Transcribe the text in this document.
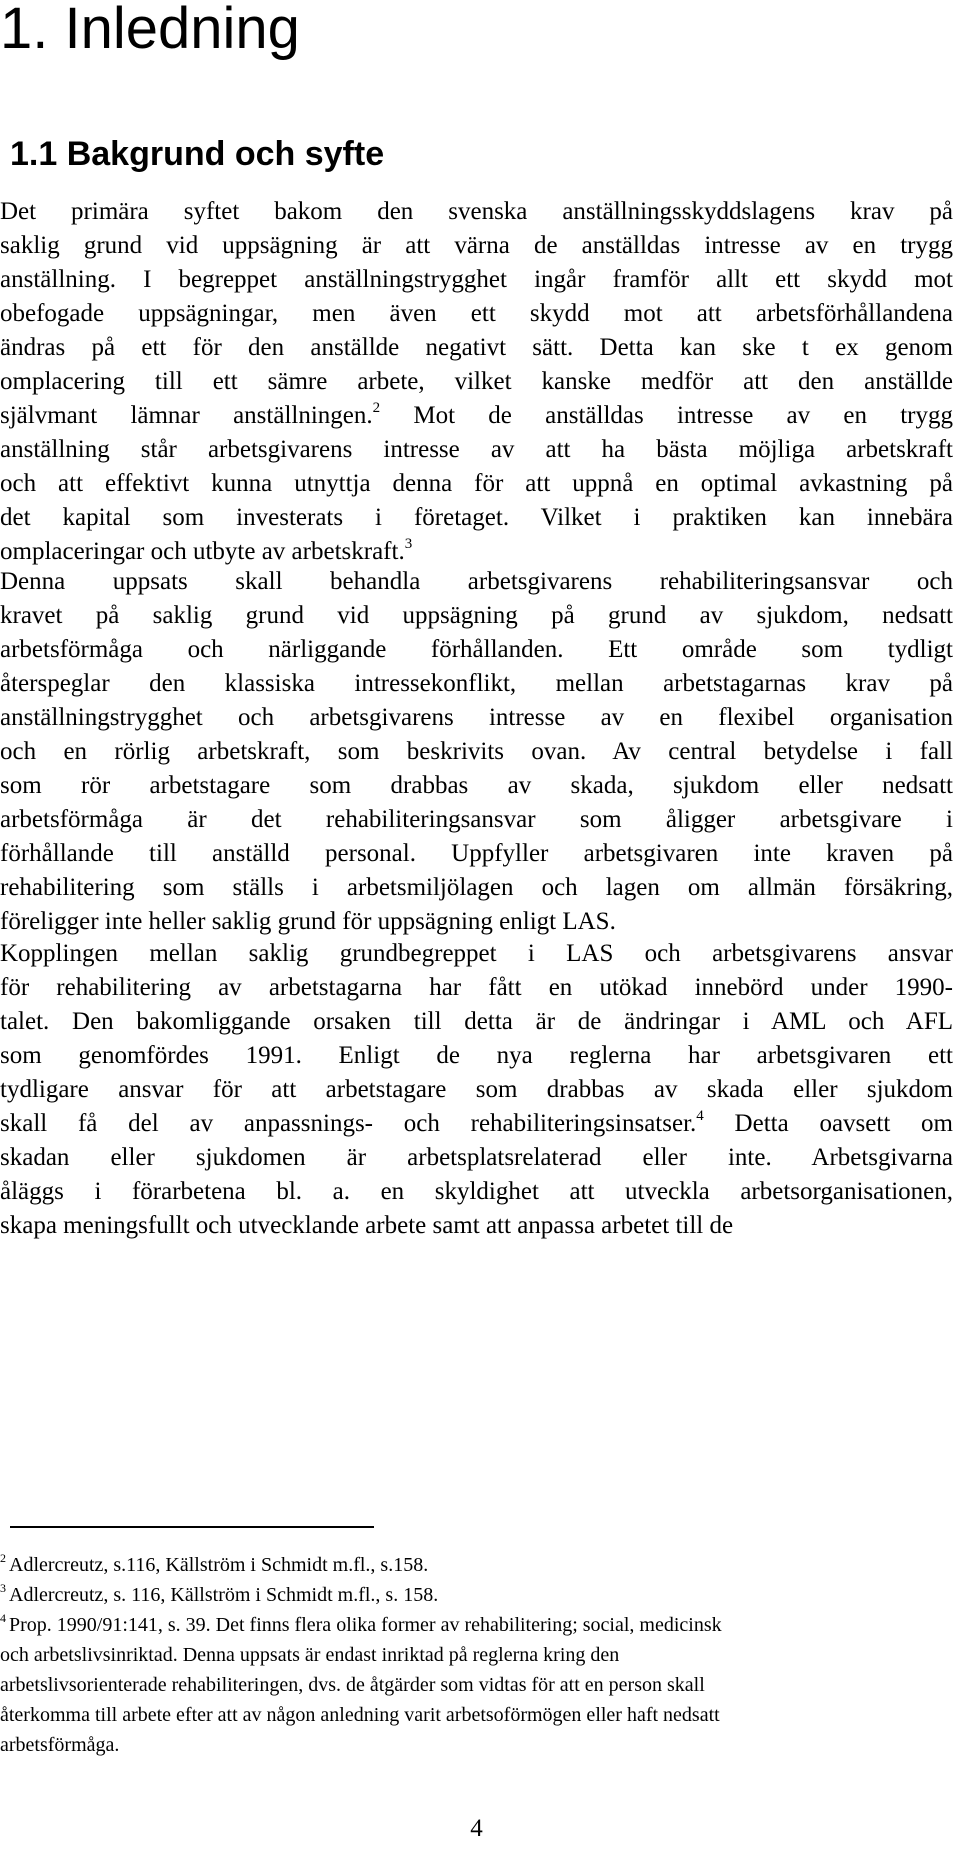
1. Inledning
1.1 Bakgrund och syfte
Det primära syftet bakom den svenska anställningsskyddslagens krav på
saklig grund vid uppsägning är att värna de anställdas intresse av en trygg
anställning. I begreppet anställningstrygghet ingår framför allt ett skydd mot
obefogade uppsägningar, men även ett skydd mot att arbetsförhållandena
ändras på ett för den anställde negativt sätt. Detta kan ske t ex genom
omplacering till ett sämre arbete, vilket kanske medför att den anställde
självmant lämnar anställningen.$^2$ Mot de anställdas intresse av en trygg
anställning står arbetsgivarens intresse av att ha bästa möjliga arbetskraft
och att effektivt kunna utnyttja denna för att uppnå en optimal avkastning på
det kapital som investerats i företaget. Vilket i praktiken kan innebära
omplaceringar och utbyte av arbetskraft.$^3$
Denna uppsats skall behandla arbetsgivarens rehabiliteringsansvar och
kravet på saklig grund vid uppsägning på grund av sjukdom, nedsatt
arbetsförmåga och närliggande förhållanden. Ett område som tydligt
återspeglar den klassiska intressekonflikt, mellan arbetstagarnas krav på
anställningstrygghet och arbetsgivarens intresse av en flexibel organisation
och en rörlig arbetskraft, som beskrivits ovan. Av central betydelse i fall
som rör arbetstagare som drabbas av skada, sjukdom eller nedsatt
arbetsförmåga är det rehabiliteringsansvar som åligger arbetsgivare i
förhållande till anställd personal. Uppfyller arbetsgivaren inte kraven på
rehabilitering som ställs i arbetsmiljölagen och lagen om allmän försäkring,
föreligger inte heller saklig grund för uppsägning enligt LAS.
Kopplingen mellan saklig grundbegreppet i LAS och arbetsgivarens ansvar
för rehabilitering av arbetstagarna har fått en utökad innebörd under 1990-
talet. Den bakomliggande orsaken till detta är de ändringar i AML och AFL
som genomfördes 1991. Enligt de nya reglerna har arbetsgivaren ett
tydligare ansvar för att arbetstagare som drabbas av skada eller sjukdom
skall få del av anpassnings- och rehabiliteringsinsatser.$^4$ Detta oavsett om
skadan eller sjukdomen är arbetsplatsrelaterad eller inte. Arbetsgivarna
åläggs i förarbetena bl. a. en skyldighet att utveckla arbetsorganisationen,
skapa meningsfullt och utvecklande arbete samt att anpassa arbetet till de
$^2$ Adlercreutz, s.116, Källström i Schmidt m.fl., s.158.
$^3$ Adlercreutz, s. 116, Källström i Schmidt m.fl., s. 158.
$^4$ Prop. 1990/91:141, s. 39. Det finns flera olika former av rehabilitering; social, medicinsk
och arbetslivsinriktad. Denna uppsats är endast inriktad på reglerna kring den
arbetslivsorienterade rehabiliteringen, dvs. de åtgärder som vidtas för att en person skall
återkomma till arbete efter att av någon anledning varit arbetsoförmögen eller haft nedsatt
arbetsförmåga.
4
